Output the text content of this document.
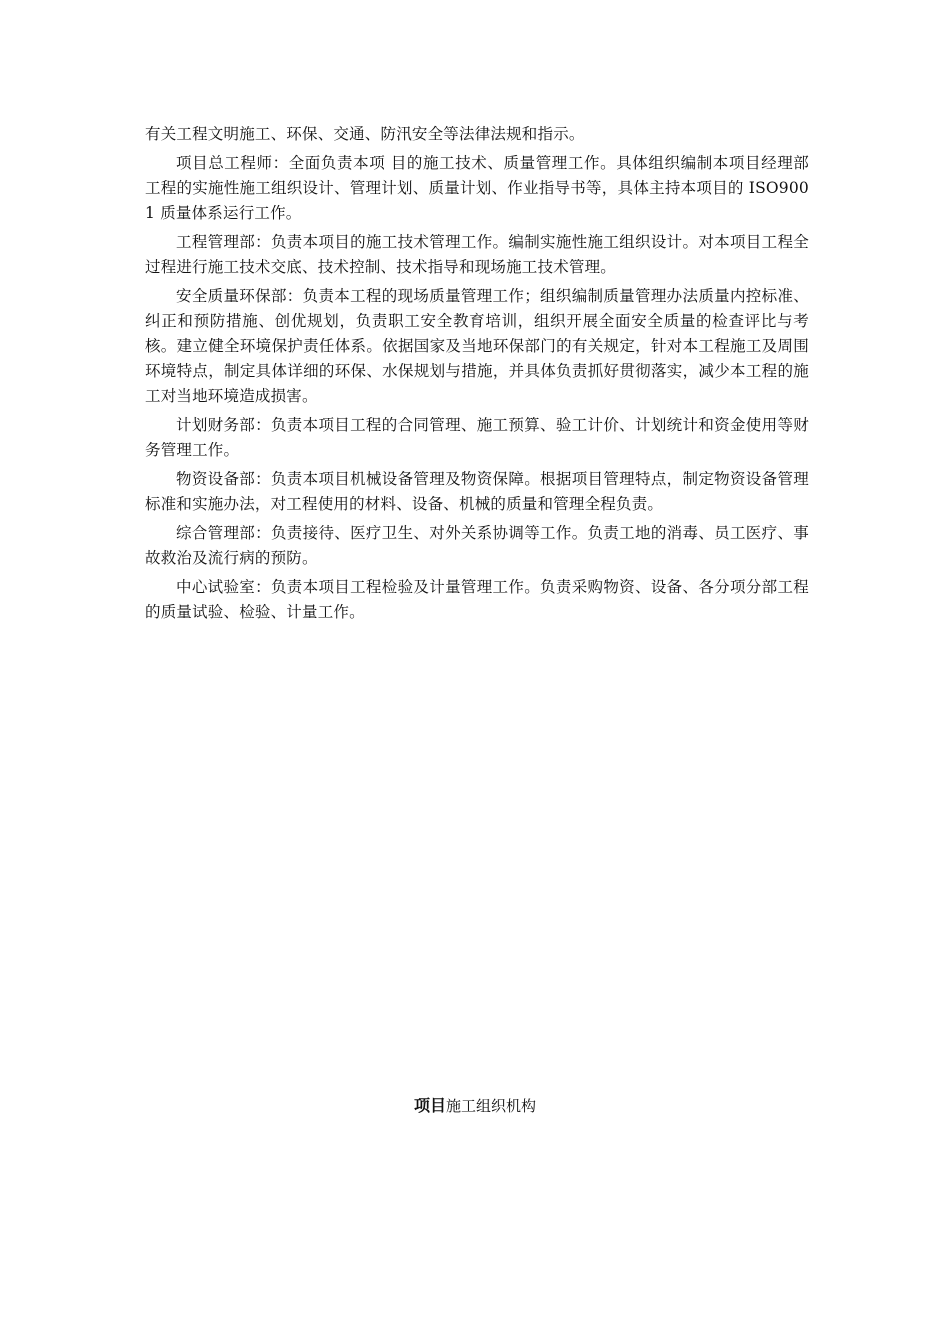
有关工程文明施工、环保、交通、防汛安全等法律法规和指示。

项目总工程师：全面负责本项 目的施工技术、质量管理工作。具体组织编制本项目经理部工程的实施性施工组织设计、管理计划、质量计划、作业指导书等，具体主持本项目的 ISO9001 质量体系运行工作。

工程管理部：负责本项目的施工技术管理工作。编制实施性施工组织设计。对本项目工程全过程进行施工技术交底、技术控制、技术指导和现场施工技术管理。

安全质量环保部：负责本工程的现场质量管理工作；组织编制质量管理办法质量内控标准、纠正和预防措施、创优规划，负责职工安全教育培训，组织开展全面安全质量的检查评比与考核。建立健全环境保护责任体系。依据国家及当地环保部门的有关规定，针对本工程施工及周围环境特点，制定具体详细的环保、水保规划与措施，并具体负责抓好贯彻落实，减少本工程的施工对当地环境造成损害。

计划财务部：负责本项目工程的合同管理、施工预算、验工计价、计划统计和资金使用等财务管理工作。

物资设备部：负责本项目机械设备管理及物资保障。根据项目管理特点，制定物资设备管理标准和实施办法，对工程使用的材料、设备、机械的质量和管理全程负责。

综合管理部：负责接待、医疗卫生、对外关系协调等工作。负责工地的消毒、员工医疗、事故救治及流行病的预防。

中心试验室：负责本项目工程检验及计量管理工作。负责采购物资、设备、各分项分部工程的质量试验、检验、计量工作。

项目施工组织机构
